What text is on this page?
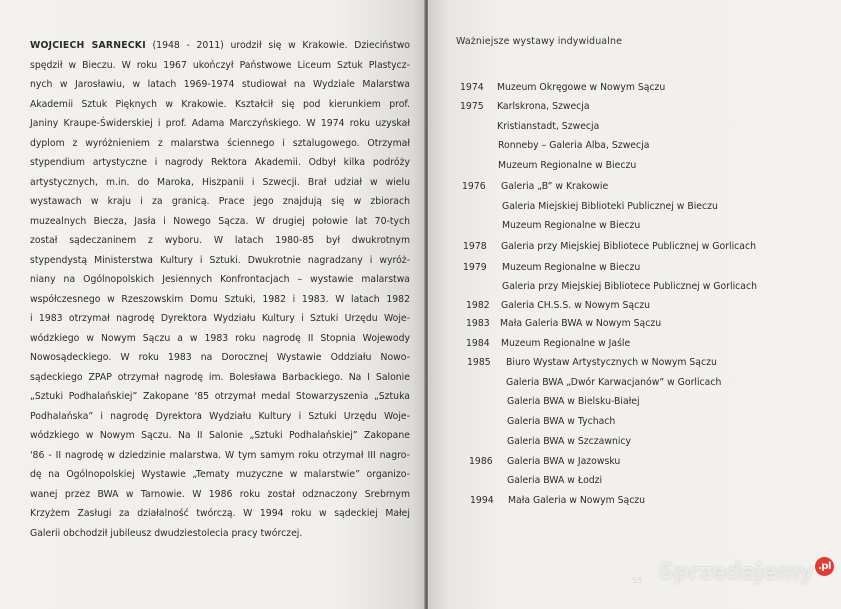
WOJCIECH SARNECKI (1948 - 2011) urodził się w Krakowie. Dzieciństwo
spędził w Bieczu. W roku 1967 ukończył Państwowe Liceum Sztuk Plastycz-
nych w Jarosławiu, w latach 1969-1974 studiował na Wydziale Malarstwa
Akademii Sztuk Pięknych w Krakowie. Kształcił się pod kierunkiem prof.
Janiny Kraupe-Świderskiej i prof. Adama Marczyńskiego. W 1974 roku uzyskał
dyplom z wyróżnieniem z malarstwa ściennego i sztalugowego. Otrzymał
stypendium artystyczne i nagrody Rektora Akademii. Odbył kilka podróży
artystycznych, m.in. do Maroka, Hiszpanii i Szwecji. Brał udział w wielu
wystawach w kraju i za granicą. Prace jego znajdują się w zbiorach
muzealnych Biecza, Jasła i Nowego Sącza. W drugiej połowie lat 70-tych
został sądeczaninem z wyboru. W latach 1980-85 był dwukrotnym
stypendystą Ministerstwa Kultury i Sztuki. Dwukrotnie nagradzany i wyróż-
niany na Ogólnopolskich Jesiennych Konfrontacjach – wystawie malarstwa
współczesnego w Rzeszowskim Domu Sztuki, 1982 i 1983. W latach 1982
i 1983 otrzymał nagrodę Dyrektora Wydziału Kultury i Sztuki Urzędu Woje-
wódzkiego w Nowym Sączu a w 1983 roku nagrodę II Stopnia Wojewody
Nowosądeckiego. W roku 1983 na Dorocznej Wystawie Oddziału Nowo-
sądeckiego ZPAP otrzymał nagrodę im. Bolesława Barbackiego. Na I Salonie
„Sztuki Podhalańskiej” Zakopane '85 otrzymał medal Stowarzyszenia „Sztuka
Podhalańska” i nagrodę Dyrektora Wydziału Kultury i Sztuki Urzędu Woje-
wódzkiego w Nowym Sączu. Na II Salonie „Sztuki Podhalańskiej” Zakopane
'86 - II nagrodę w dziedzinie malarstwa. W tym samym roku otrzymał III nagro-
dę na Ogólnopolskiej Wystawie „Tematy muzyczne w malarstwie” organizo-
wanej przez BWA w Tarnowie. W 1986 roku został odznaczony Srebrnym
Krzyżem Zasługi za działalność twórczą. W 1994 roku w sądeckiej Małej
Galerii obchodził jubileusz dwudziestolecia pracy twórczej.
Ważniejsze wystawy indywidualne
1974 Muzeum Okręgowe w Nowym Sączu
1975 Karlskrona, Szwecja
Kristianstadt, Szwecja
Ronneby – Galeria Alba, Szwecja
Muzeum Regionalne w Bieczu
1976 Galeria „B” w Krakowie
Galeria Miejskiej Biblioteki Publicznej w Bieczu
Muzeum Regionalne w Bieczu
1978 Galeria przy Miejskiej Bibliotece Publicznej w Gorlicach
1979 Muzeum Regionalne w Bieczu
Galeria przy Miejskiej Bibliotece Publicznej w Gorlicach
1982 Galeria CH.S.S. w Nowym Sączu
1983 Mała Galeria BWA w Nowym Sączu
1984 Muzeum Regionalne w Jaśle
1985 Biuro Wystaw Artystycznych w Nowym Sączu
Galeria BWA „Dwór Karwacjanów” w Gorlicach
Galeria BWA w Bielsku-Białej
Galeria BWA w Tychach
Galeria BWA w Szczawnicy
1986 Galeria BWA w Jazowsku
Galeria BWA w Łodzi
1994 Mała Galeria w Nowym Sączu
55 Sprzedajemy $^{.pl}$
